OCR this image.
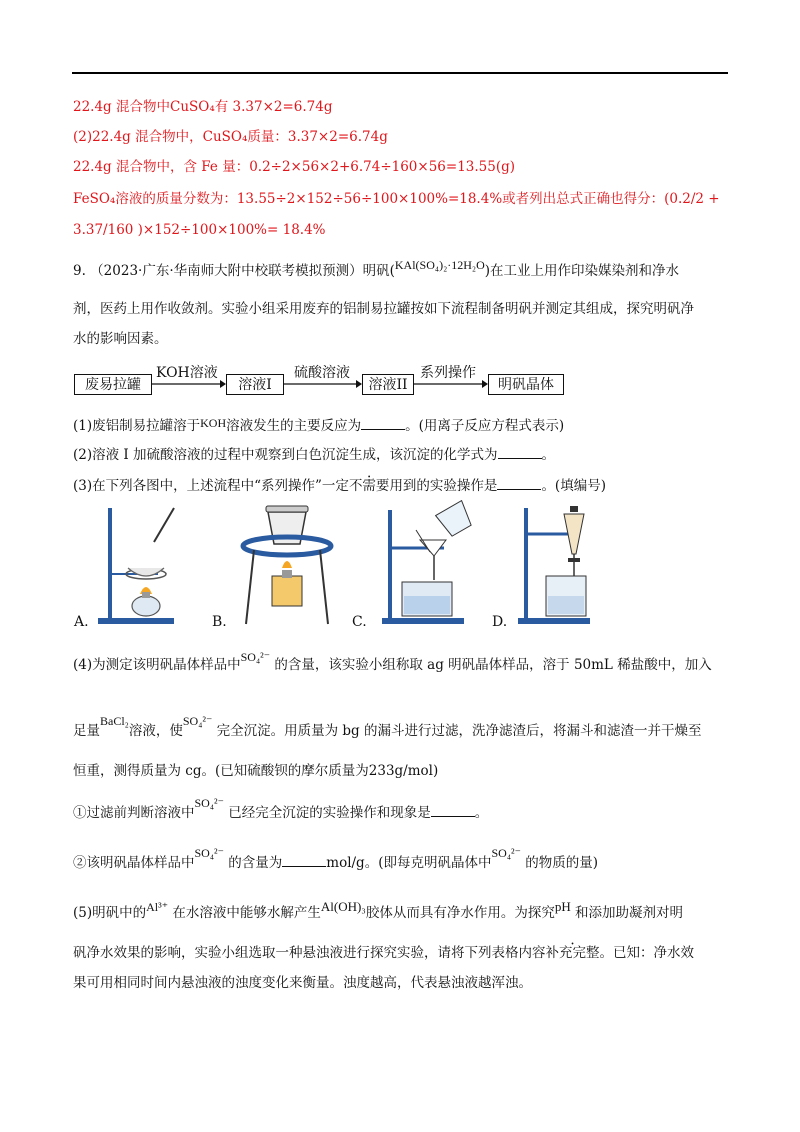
22.4g 混合物中CuSO₄有 3.37×2=6.74g
(2)22.4g 混合物中，CuSO₄质量：3.37×2=6.74g
22.4g 混合物中，含 Fe 量：0.2÷2×56×2+6.74÷160×56=13.55(g)
FeSO₄溶液的质量分数为：13.55÷2×152÷56÷100×100%=18.4%或者列出总式正确也得分：(0.2/2 +
3.37/160 )×152÷100×100%= 18.4%
9. （2023·广东·华南师大附中校联考模拟预测）明矾(KAl(SO₄)₂·12H₂O)在工业上用作印染媒染剂和净水
剂，医药上用作收敛剂。实验小组采用废弃的铝制易拉罐按如下流程制备明矾并测定其组成，探究明矾净
水的影响因素。
废易拉罐
KOH溶液
溶液I
硫酸溶液
溶液II
系列操作
明矾晶体
(1)废铝制易拉罐溶于KOH溶液发生的主要反应为	。(用离子反应方程式表示)
(2)溶液 I 加硫酸溶液的过程中观察到白色沉淀生成，该沉淀的化学式为	。
(3)在下列各图中，上述流程中“系列操作”一定不需要用到的实验操作是	。(填编号)
A.	B.	C.	D.
(4)为测定该明矾晶体样品中SO₄²⁻ 的含量，该实验小组称取 ag 明矾晶体样品，溶于 50mL 稀盐酸中，加入
足量BaCl₂溶液，使SO₄²⁻ 完全沉淀。用质量为 bg 的漏斗进行过滤，洗净滤渣后，将漏斗和滤渣一并干燥至
恒重，测得质量为 cg。(已知硫酸钡的摩尔质量为233g/mol)
①过滤前判断溶液中SO₄²⁻ 已经完全沉淀的实验操作和现象是	。
②该明矾晶体样品中SO₄²⁻ 的含量为	mol/g。(即每克明矾晶体中SO₄²⁻ 的物质的量)
(5)明矾中的Al³⁺ 在水溶液中能够水解产生Al(OH)₃胶体从而具有净水作用。为探究pH 和添加助凝剂对明
矾净水效果的影响，实验小组选取一种悬浊液进行探究实验，请将下列表格内容补充完整。已知：净水效
果可用相同时间内悬浊液的浊度变化来衡量。浊度越高，代表悬浊液越浑浊。
